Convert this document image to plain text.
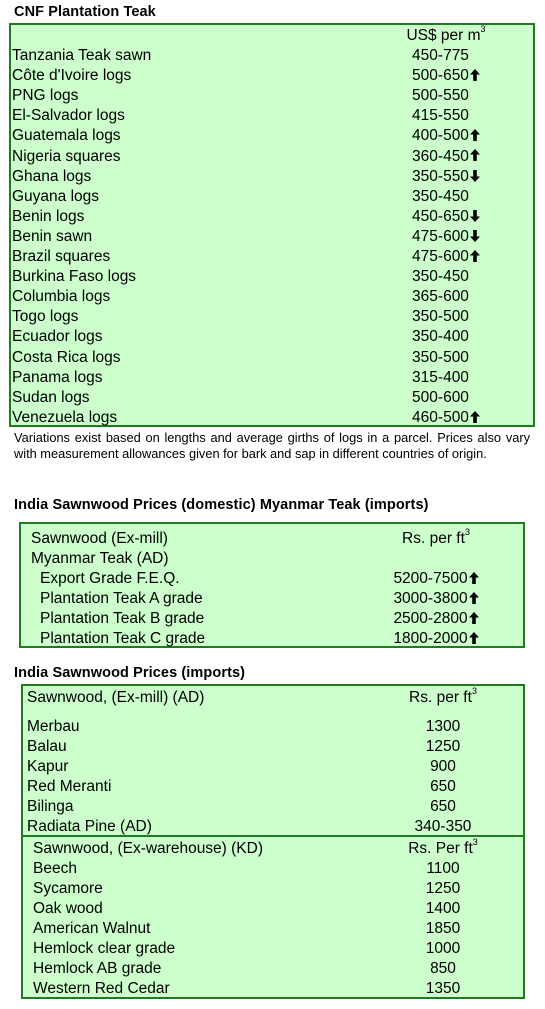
CNF Plantation Teak
US$ per $m^3$
Tanzania Teak sawn	450-775
Côte d'Ivoire logs	500-650
PNG logs	500-550
El-Salvador logs	415-550
Guatemala logs	400-500
Nigeria squares	360-450
Ghana logs	350-550
Guyana logs	350-450
Benin logs	450-650
Benin sawn	475-600
Brazil squares	475-600
Burkina Faso logs	350-450
Columbia logs	365-600
Togo logs	350-500
Ecuador logs	350-400
Costa Rica logs	350-500
Panama logs	315-400
Sudan logs	500-600
Venezuela logs	460-500
Variations exist based on lengths and average girths of logs in a parcel. Prices also vary with measurement allowances given for bark and sap in different countries of origin.
India Sawnwood Prices (domestic) Myanmar Teak (imports)
Sawnwood (Ex-mill)	Rs. per $ft^3$
Myanmar Teak (AD)
Export Grade F.E.Q.	5200-7500
Plantation Teak A grade	3000-3800
Plantation Teak B grade	2500-2800
Plantation Teak C grade	1800-2000
India Sawnwood Prices (imports)
Sawnwood, (Ex-mill) (AD)	Rs. per $ft^3$
Merbau	1300
Balau	1250
Kapur	900
Red Meranti	650
Bilinga	650
Radiata Pine (AD)	340-350
Sawnwood, (Ex-warehouse) (KD)	Rs. Per $ft^3$
Beech	1100
Sycamore	1250
Oak wood	1400
American Walnut	1850
Hemlock clear grade	1000
Hemlock AB grade	850
Western Red Cedar	1350
